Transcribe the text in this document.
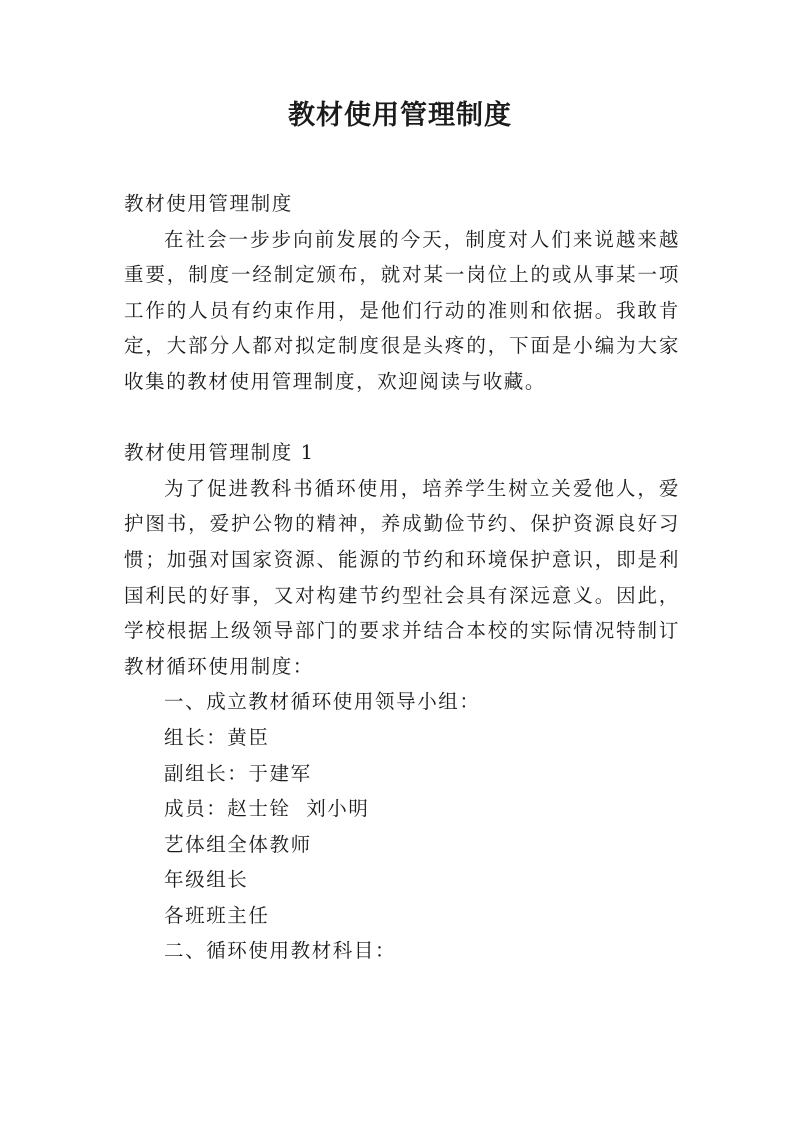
教材使用管理制度

教材使用管理制度

在社会一步步向前发展的今天，制度对人们来说越来越重要，制度一经制定颁布，就对某一岗位上的或从事某一项工作的人员有约束作用，是他们行动的准则和依据。我敢肯定，大部分人都对拟定制度很是头疼的，下面是小编为大家收集的教材使用管理制度，欢迎阅读与收藏。

教材使用管理制度 1

为了促进教科书循环使用，培养学生树立关爱他人，爱护图书，爱护公物的精神，养成勤俭节约、保护资源良好习惯；加强对国家资源、能源的节约和环境保护意识，即是利国利民的好事，又对构建节约型社会具有深远意义。因此，学校根据上级领导部门的要求并结合本校的实际情况特制订教材循环使用制度：

一、成立教材循环使用领导小组：

组长：黄臣

副组长：于建军

成员：赵士铨  刘小明

艺体组全体教师

年级组长

各班班主任

二、循环使用教材科目：
